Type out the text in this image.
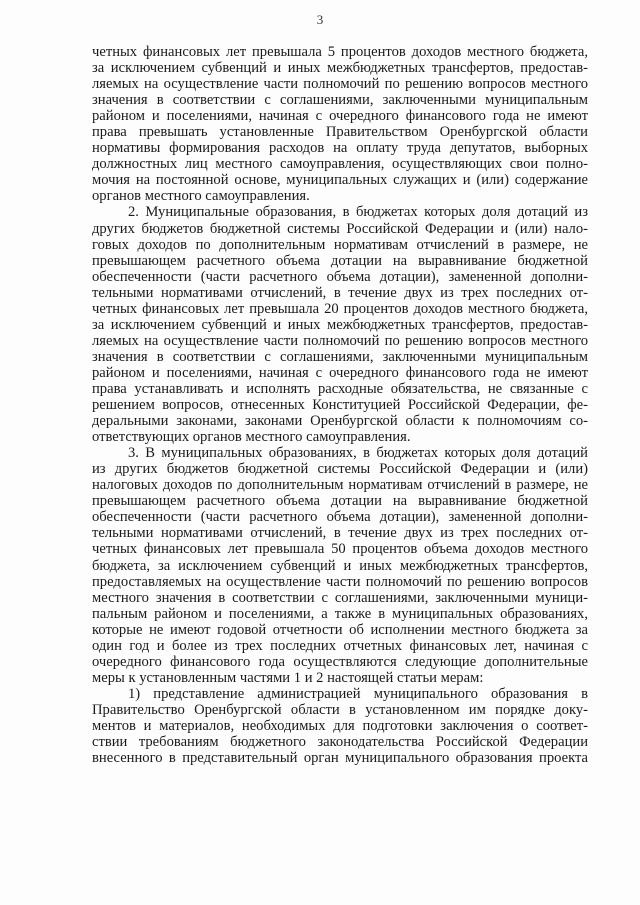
3
четных финансовых лет превышала 5 процентов доходов местного бюджета,
за исключением субвенций и иных межбюджетных трансфертов, предостав-
ляемых на осуществление части полномочий по решению вопросов местного
значения в соответствии с соглашениями, заключенными муниципальным
районом и поселениями, начиная с очередного финансового года не имеют
права превышать установленные Правительством Оренбургской области
нормативы формирования расходов на оплату труда депутатов, выборных
должностных лиц местного самоуправления, осуществляющих свои полно-
мочия на постоянной основе, муниципальных служащих и (или) содержание
органов местного самоуправления.
2. Муниципальные образования, в бюджетах которых доля дотаций из
других бюджетов бюджетной системы Российской Федерации и (или) нало-
говых доходов по дополнительным нормативам отчислений в размере, не
превышающем расчетного объема дотации на выравнивание бюджетной
обеспеченности (части расчетного объема дотации), замененной дополни-
тельными нормативами отчислений, в течение двух из трех последних от-
четных финансовых лет превышала 20 процентов доходов местного бюджета,
за исключением субвенций и иных межбюджетных трансфертов, предостав-
ляемых на осуществление части полномочий по решению вопросов местного
значения в соответствии с соглашениями, заключенными муниципальным
районом и поселениями, начиная с очередного финансового года не имеют
права устанавливать и исполнять расходные обязательства, не связанные с
решением вопросов, отнесенных Конституцией Российской Федерации, фе-
деральными законами, законами Оренбургской области к полномочиям со-
ответствующих органов местного самоуправления.
3. В муниципальных образованиях, в бюджетах которых доля дотаций
из других бюджетов бюджетной системы Российской Федерации и (или)
налоговых доходов по дополнительным нормативам отчислений в размере, не
превышающем расчетного объема дотации на выравнивание бюджетной
обеспеченности (части расчетного объема дотации), замененной дополни-
тельными нормативами отчислений, в течение двух из трех последних от-
четных финансовых лет превышала 50 процентов объема доходов местного
бюджета, за исключением субвенций и иных межбюджетных трансфертов,
предоставляемых на осуществление части полномочий по решению вопросов
местного значения в соответствии с соглашениями, заключенными муници-
пальным районом и поселениями, а также в муниципальных образованиях,
которые не имеют годовой отчетности об исполнении местного бюджета за
один год и более из трех последних отчетных финансовых лет, начиная с
очередного финансового года осуществляются следующие дополнительные
меры к установленным частями 1 и 2 настоящей статьи мерам:
1) представление администрацией муниципального образования в
Правительство Оренбургской области в установленном им порядке доку-
ментов и материалов, необходимых для подготовки заключения о соответ-
ствии требованиям бюджетного законодательства Российской Федерации
внесенного в представительный орган муниципального образования проекта
